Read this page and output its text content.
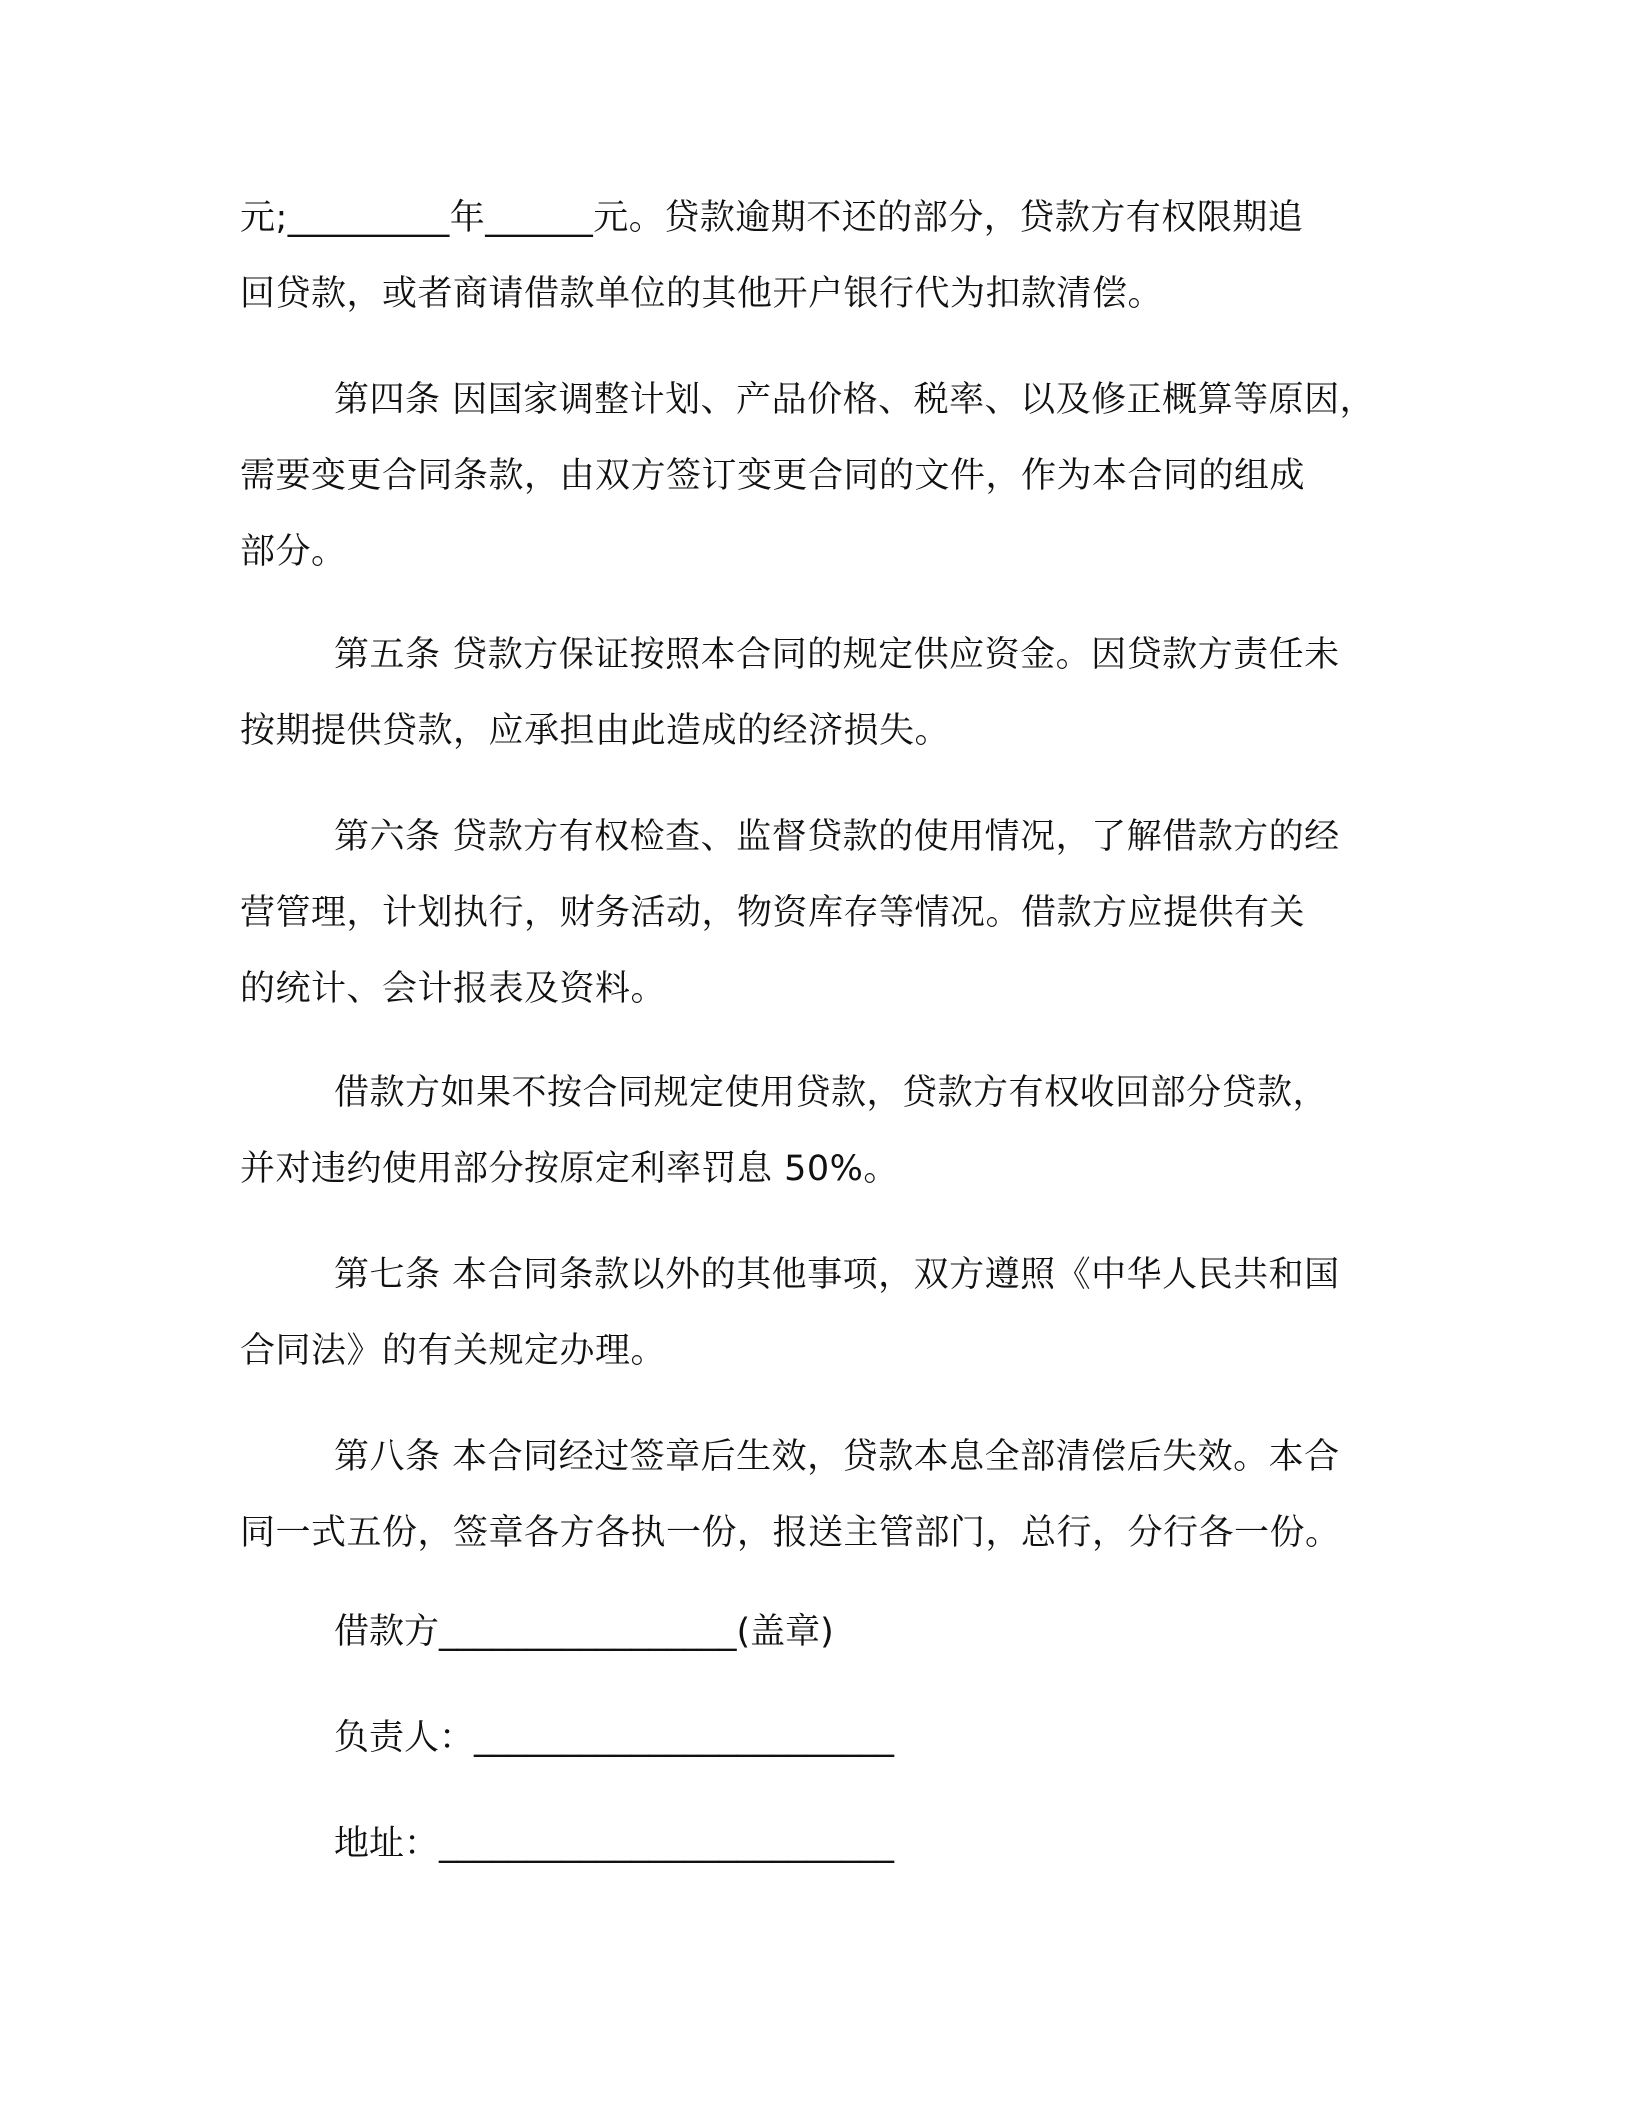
元;_________年______元。贷款逾期不还的部分，贷款方有权限期追
回贷款，或者商请借款单位的其他开户银行代为扣款清偿。
第四条 因国家调整计划、产品价格、税率、以及修正概算等原因，
需要变更合同条款，由双方签订变更合同的文件，作为本合同的组成
部分。
第五条 贷款方保证按照本合同的规定供应资金。因贷款方责任未
按期提供贷款，应承担由此造成的经济损失。
第六条 贷款方有权检查、监督贷款的使用情况，了解借款方的经
营管理，计划执行，财务活动，物资库存等情况。借款方应提供有关
的统计、会计报表及资料。
借款方如果不按合同规定使用贷款，贷款方有权收回部分贷款，
并对违约使用部分按原定利率罚息 50%。
第七条 本合同条款以外的其他事项，双方遵照《中华人民共和国
合同法》的有关规定办理。
第八条 本合同经过签章后生效，贷款本息全部清偿后失效。本合
同一式五份，签章各方各执一份，报送主管部门，总行，分行各一份。
借款方_________________(盖章)
负责人：________________________
地址：__________________________
